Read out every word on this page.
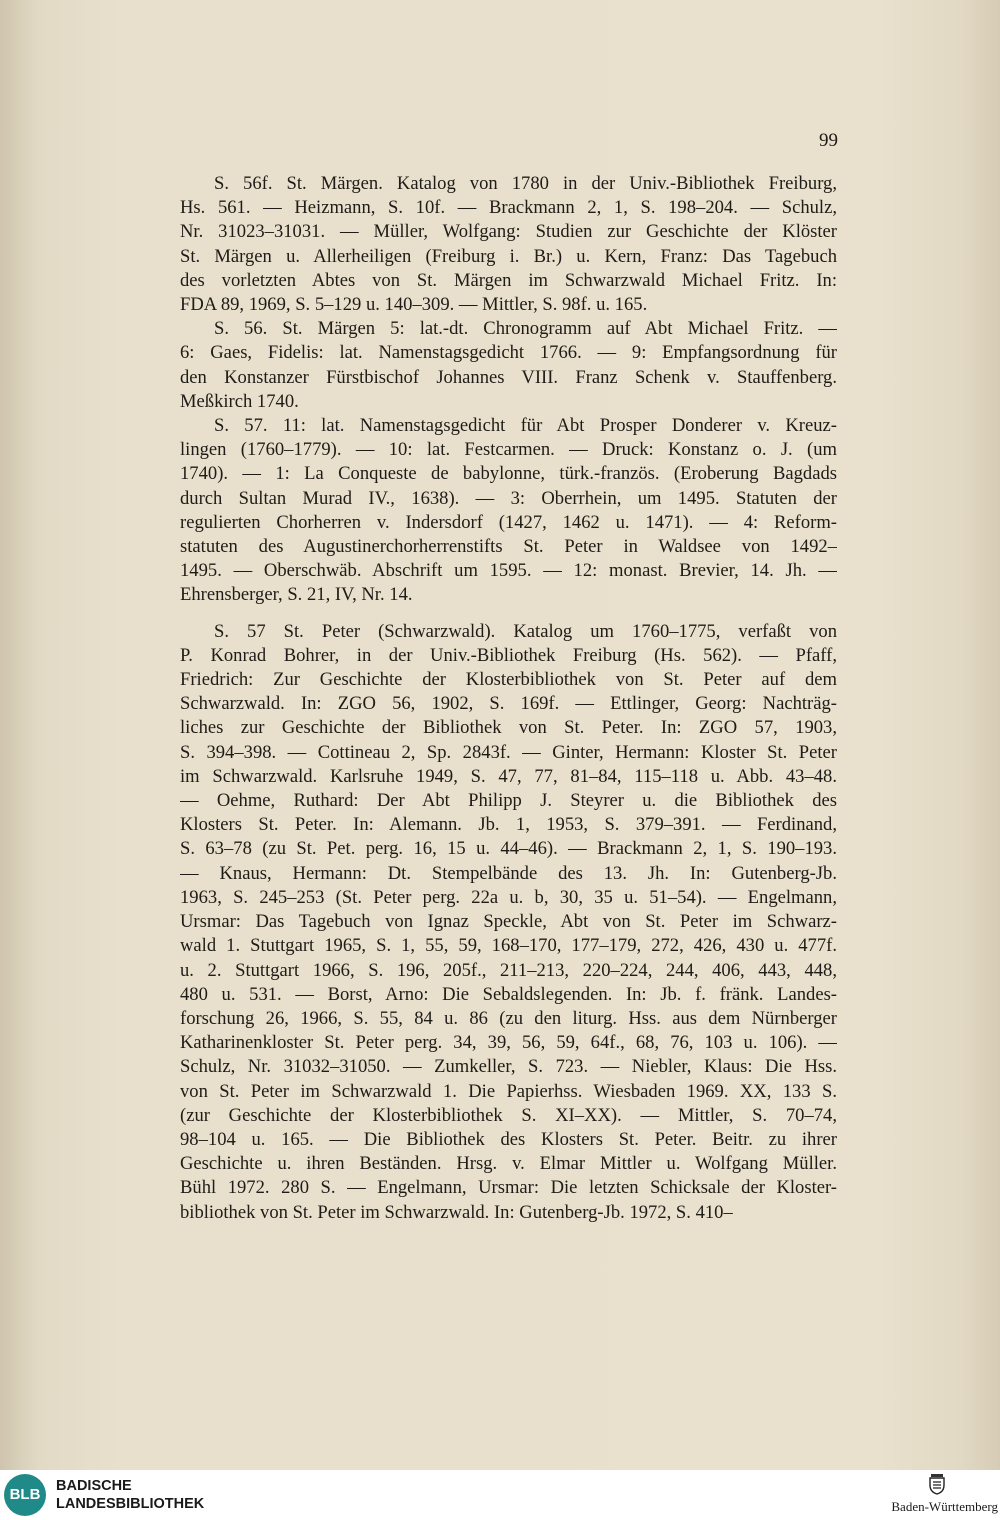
99
S. 56f. St. Märgen. Katalog von 1780 in der Univ.-Bibliothek Freiburg,
Hs. 561. — Heizmann, S. 10f. — Brackmann 2, 1, S. 198–204. — Schulz,
Nr. 31023–31031. — Müller, Wolfgang: Studien zur Geschichte der Klöster
St. Märgen u. Allerheiligen (Freiburg i. Br.) u. Kern, Franz: Das Tagebuch
des vorletzten Abtes von St. Märgen im Schwarzwald Michael Fritz. In:
FDA 89, 1969, S. 5–129 u. 140–309. — Mittler, S. 98f. u. 165.
S. 56. St. Märgen 5: lat.-dt. Chronogramm auf Abt Michael Fritz. —
6: Gaes, Fidelis: lat. Namenstagsgedicht 1766. — 9: Empfangsordnung für
den Konstanzer Fürstbischof Johannes VIII. Franz Schenk v. Stauffenberg.
Meßkirch 1740.
S. 57. 11: lat. Namenstagsgedicht für Abt Prosper Donderer v. Kreuz-
lingen (1760–1779). — 10: lat. Festcarmen. — Druck: Konstanz o. J. (um
1740). — 1: La Conqueste de babylonne, türk.-französ. (Eroberung Bagdads
durch Sultan Murad IV., 1638). — 3: Oberrhein, um 1495. Statuten der
regulierten Chorherren v. Indersdorf (1427, 1462 u. 1471). — 4: Reform-
statuten des Augustinerchorherrenstifts St. Peter in Waldsee von 1492–
1495. — Oberschwäb. Abschrift um 1595. — 12: monast. Brevier, 14. Jh. —
Ehrensberger, S. 21, IV, Nr. 14.
S. 57 St. Peter (Schwarzwald). Katalog um 1760–1775, verfaßt von
P. Konrad Bohrer, in der Univ.-Bibliothek Freiburg (Hs. 562). — Pfaff,
Friedrich: Zur Geschichte der Klosterbibliothek von St. Peter auf dem
Schwarzwald. In: ZGO 56, 1902, S. 169f. — Ettlinger, Georg: Nachträg-
liches zur Geschichte der Bibliothek von St. Peter. In: ZGO 57, 1903,
S. 394–398. — Cottineau 2, Sp. 2843f. — Ginter, Hermann: Kloster St. Peter
im Schwarzwald. Karlsruhe 1949, S. 47, 77, 81–84, 115–118 u. Abb. 43–48.
— Oehme, Ruthard: Der Abt Philipp J. Steyrer u. die Bibliothek des
Klosters St. Peter. In: Alemann. Jb. 1, 1953, S. 379–391. — Ferdinand,
S. 63–78 (zu St. Pet. perg. 16, 15 u. 44–46). — Brackmann 2, 1, S. 190–193.
— Knaus, Hermann: Dt. Stempelbände des 13. Jh. In: Gutenberg-Jb.
1963, S. 245–253 (St. Peter perg. 22a u. b, 30, 35 u. 51–54). — Engelmann,
Ursmar: Das Tagebuch von Ignaz Speckle, Abt von St. Peter im Schwarz-
wald 1. Stuttgart 1965, S. 1, 55, 59, 168–170, 177–179, 272, 426, 430 u. 477f.
u. 2. Stuttgart 1966, S. 196, 205f., 211–213, 220–224, 244, 406, 443, 448,
480 u. 531. — Borst, Arno: Die Sebaldslegenden. In: Jb. f. fränk. Landes-
forschung 26, 1966, S. 55, 84 u. 86 (zu den liturg. Hss. aus dem Nürnberger
Katharinenkloster St. Peter perg. 34, 39, 56, 59, 64f., 68, 76, 103 u. 106). —
Schulz, Nr. 31032–31050. — Zumkeller, S. 723. — Niebler, Klaus: Die Hss.
von St. Peter im Schwarzwald 1. Die Papierhss. Wiesbaden 1969. XX, 133 S.
(zur Geschichte der Klosterbibliothek S. XI–XX). — Mittler, S. 70–74,
98–104 u. 165. — Die Bibliothek des Klosters St. Peter. Beitr. zu ihrer
Geschichte u. ihren Beständen. Hrsg. v. Elmar Mittler u. Wolfgang Müller.
Bühl 1972. 280 S. — Engelmann, Ursmar: Die letzten Schicksale der Kloster-
bibliothek von St. Peter im Schwarzwald. In: Gutenberg-Jb. 1972, S. 410–
BLB	BADISCHE
LANDESBIBLIOTHEK	Baden-Württemberg
